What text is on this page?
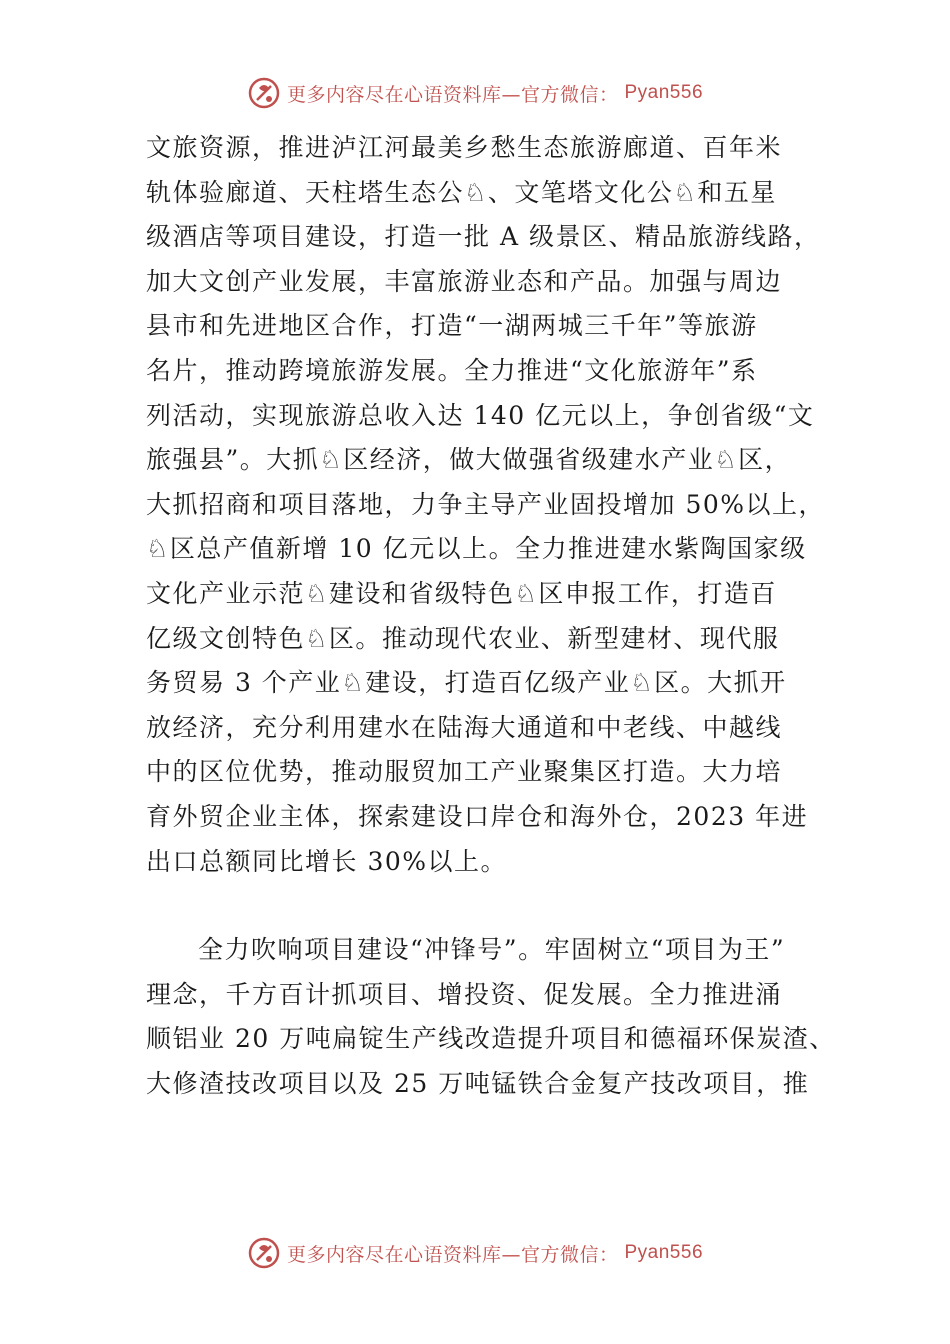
更多内容尽在心语资料库—官方微信： Pyan556
文旅资源，推进泸江河最美乡愁生态旅游廊道、百年米
轨体验廊道、天柱塔生态公♘、文笔塔文化公♘和五星
级酒店等项目建设，打造一批 A 级景区、精品旅游线路，
加大文创产业发展，丰富旅游业态和产品。加强与周边
县市和先进地区合作，打造“一湖两城三千年”等旅游
名片，推动跨境旅游发展。全力推进“文化旅游年”系
列活动，实现旅游总收入达 140 亿元以上，争创省级“文
旅强县”。大抓♘区经济，做大做强省级建水产业♘区，
大抓招商和项目落地，力争主导产业固投增加 50%以上，
♘区总产值新增 10 亿元以上。全力推进建水紫陶国家级
文化产业示范♘建设和省级特色♘区申报工作，打造百
亿级文创特色♘区。推动现代农业、新型建材、现代服
务贸易 3 个产业♘建设，打造百亿级产业♘区。大抓开
放经济，充分利用建水在陆海大通道和中老线、中越线
中的区位优势，推动服贸加工产业聚集区打造。大力培
育外贸企业主体，探索建设口岸仓和海外仓，2023 年进
出口总额同比增长 30%以上。
全力吹响项目建设“冲锋号”。牢固树立“项目为王”
理念，千方百计抓项目、增投资、促发展。全力推进涌
顺铝业 20 万吨扁锭生产线改造提升项目和德福环保炭渣、
大修渣技改项目以及 25 万吨锰铁合金复产技改项目，推
更多内容尽在心语资料库—官方微信： Pyan556
